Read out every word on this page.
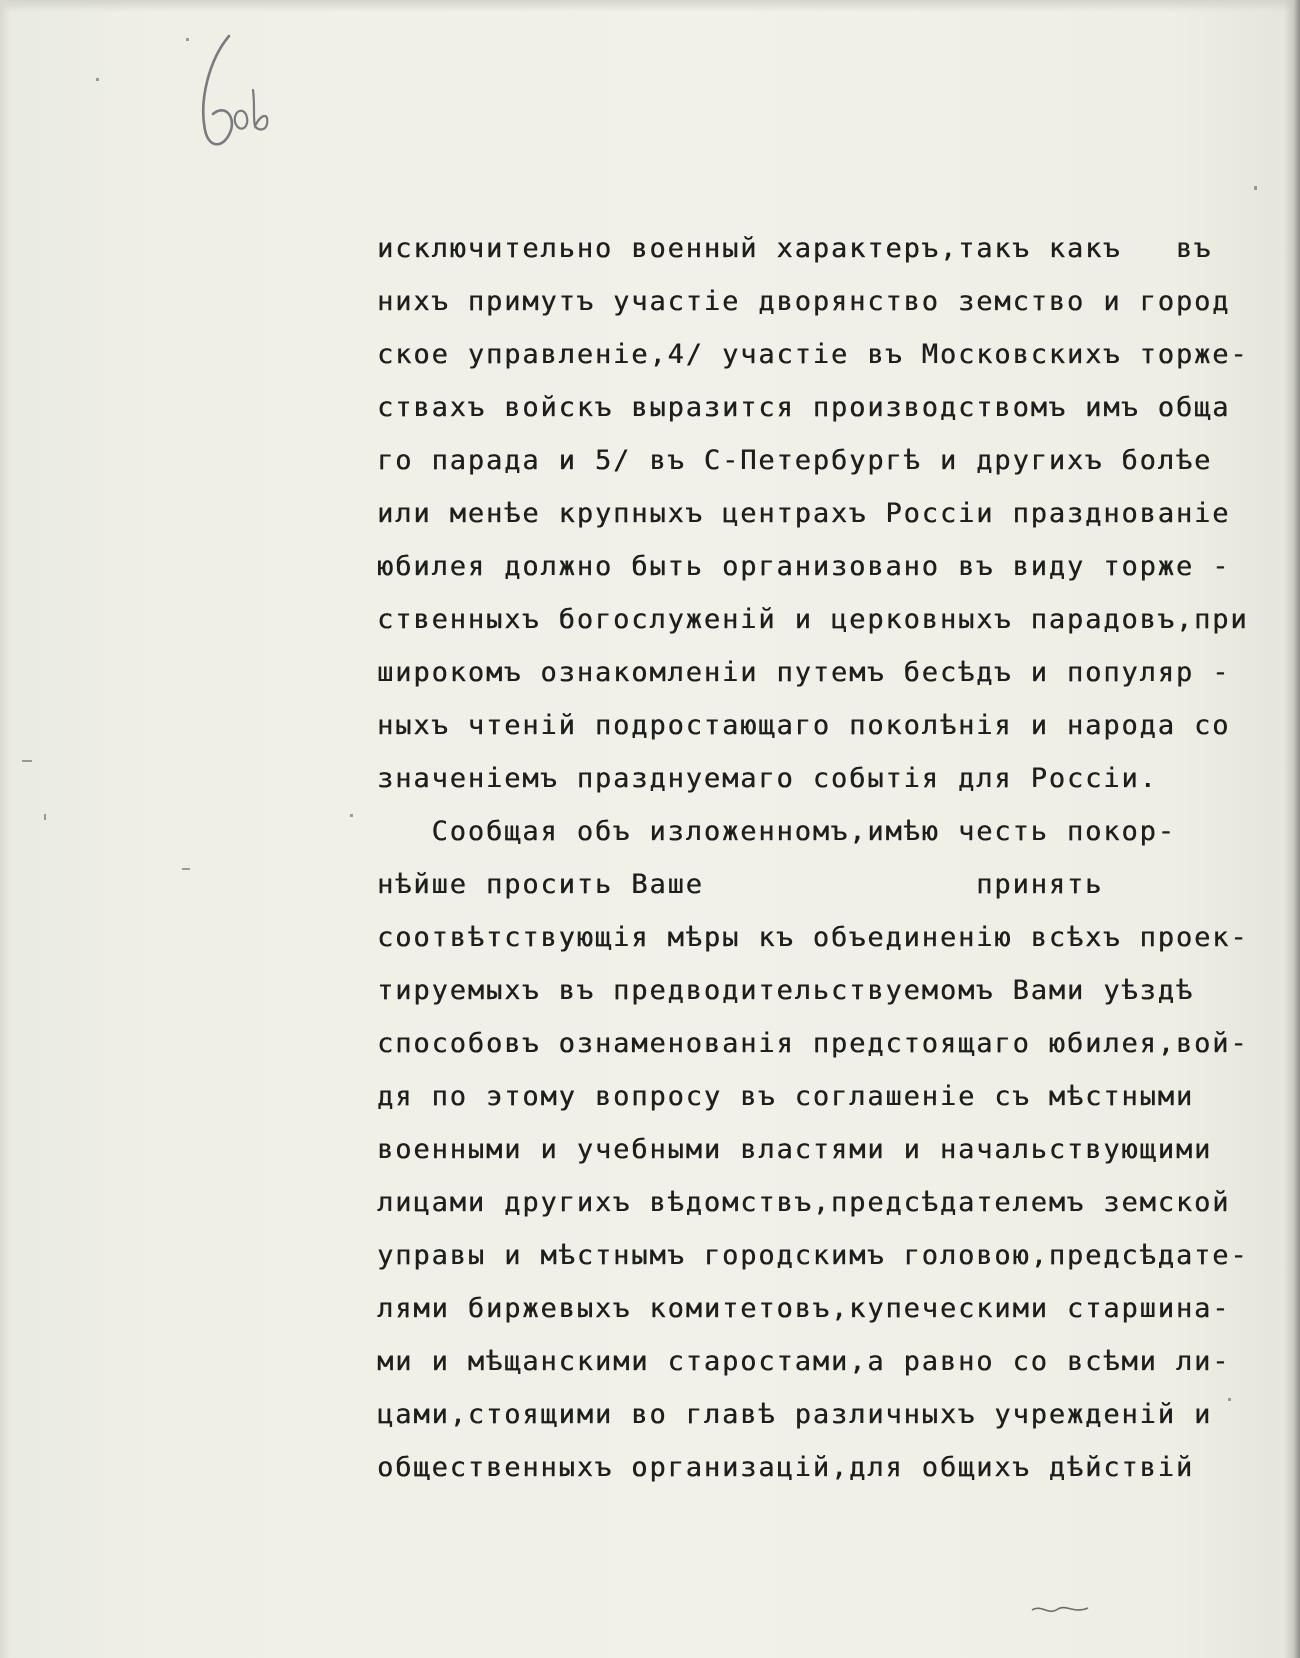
исключительно военный характеръ,такъ какъ   въ
нихъ примутъ участiе дворянство земство и город
ское управленiе,4/ участiе въ Московскихъ торже-
ствахъ войскъ выразится производствомъ имъ обща
го парада и 5/ въ С-Петербургѣ и другихъ болѣе
или менѣе крупныхъ центрахъ Россiи празднованiе
юбилея должно быть организовано въ виду торже -
ственныхъ богослуженiй и церковныхъ парадовъ,при
широкомъ ознакомленiи путемъ бесѣдъ и популяр -
ныхъ чтенiй подростающаго поколѣнiя и народа со
значенiемъ празднуемаго событiя для Россiи.
Сообщая объ изложенномъ,имѣю честь покор-
нѣйше просить Ваше               принять
соотвѣтствующiя мѣры къ объединенiю всѣхъ проек-
тируемыхъ въ предводительствуемомъ Вами уѣздѣ
способовъ ознаменованiя предстоящаго юбилея,вой-
дя по этому вопросу въ соглашенiе съ мѣстными
военными и учебными властями и начальствующими
лицами другихъ вѣдомствъ,предсѣдателемъ земской
управы и мѣстнымъ городскимъ головою,предсѣдате-
лями биржевыхъ комитетовъ,купеческими старшина-
ми и мѣщанскими старостами,а равно со всѣми ли-
цами,стоящими во главѣ различныхъ учрежденiй и
общественныхъ организацiй,для общихъ дѣйствiй
